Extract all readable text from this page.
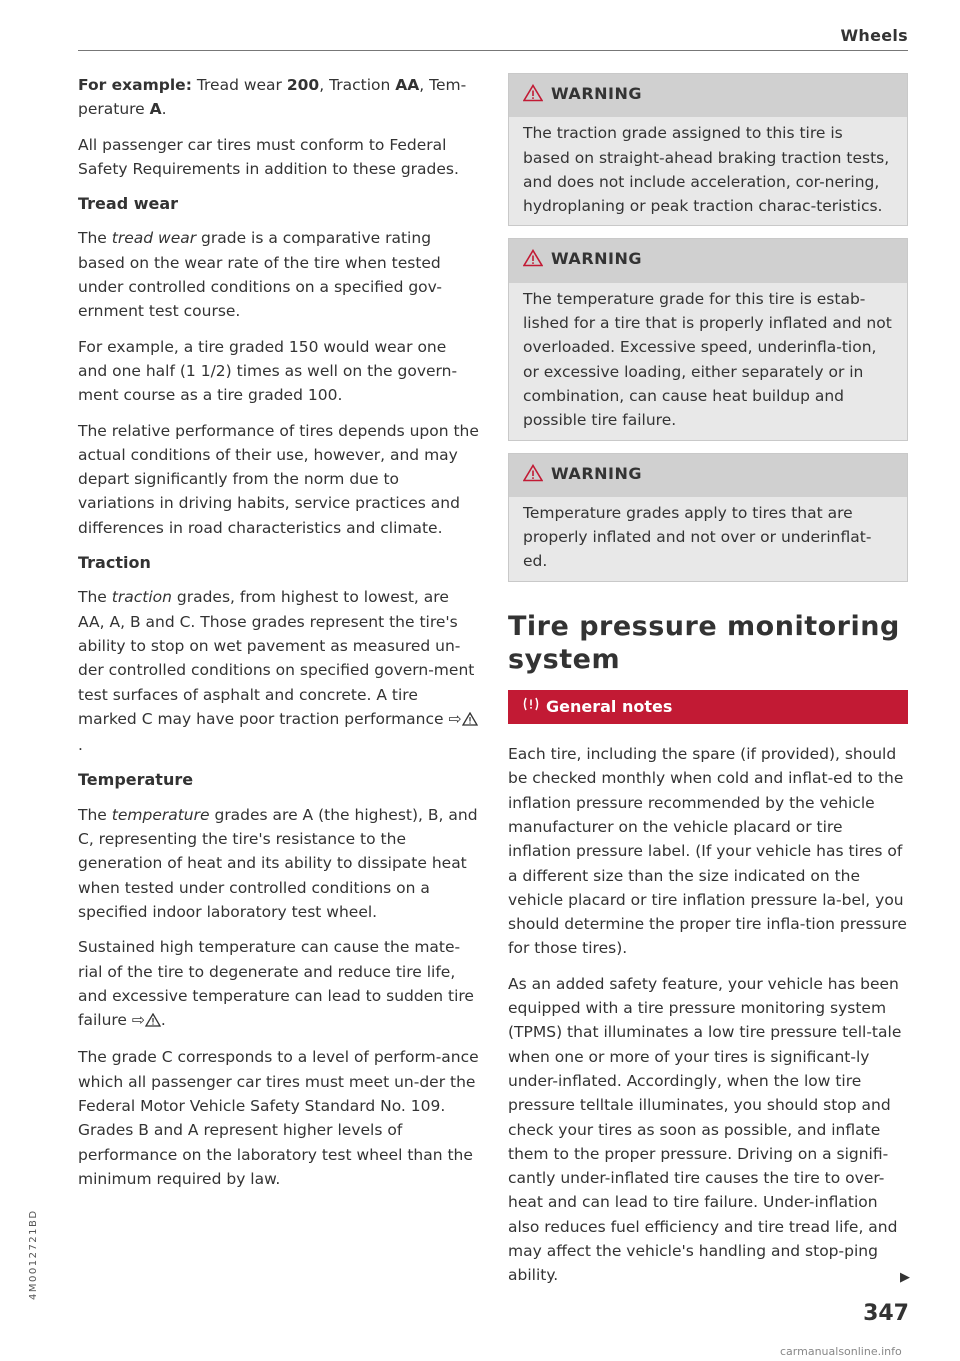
Wheels

For example: Tread wear 200, Traction AA, Tem-perature A.

All passenger car tires must conform to Federal Safety Requirements in addition to these grades.

Tread wear

The tread wear grade is a comparative rating based on the wear rate of the tire when tested under controlled conditions on a specified gov-ernment test course.

For example, a tire graded 150 would wear one and one half (1 1/2) times as well on the govern-ment course as a tire graded 100.

The relative performance of tires depends upon the actual conditions of their use, however, and may depart significantly from the norm due to variations in driving habits, service practices and differences in road characteristics and climate.

Traction

The traction grades, from highest to lowest, are AA, A, B and C. Those grades represent the tire's ability to stop on wet pavement as measured un-der controlled conditions on specified govern-ment test surfaces of asphalt and concrete. A tire marked C may have poor traction performance ⇨.

Temperature

The temperature grades are A (the highest), B, and C, representing the tire's resistance to the generation of heat and its ability to dissipate heat when tested under controlled conditions on a specified indoor laboratory test wheel.

Sustained high temperature can cause the mate-rial of the tire to degenerate and reduce tire life, and excessive temperature can lead to sudden tire failure ⇨ .

The grade C corresponds to a level of perform-ance which all passenger car tires must meet un-der the Federal Motor Vehicle Safety Standard No. 109. Grades B and A represent higher levels of performance on the laboratory test wheel than the minimum required by law.

WARNING
The traction grade assigned to this tire is based on straight-ahead braking traction tests, and does not include acceleration, cor-nering, hydroplaning or peak traction charac-teristics.
WARNING
The temperature grade for this tire is estab-lished for a tire that is properly inflated and not overloaded. Excessive speed, underinfla-tion, or excessive loading, either separately or in combination, can cause heat buildup and possible tire failure.
WARNING
Temperature grades apply to tires that are properly inflated and not over or underinflat-ed.
Tire pressure monitoring system
General notes

Each tire, including the spare (if provided), should be checked monthly when cold and inflat-ed to the inflation pressure recommended by the vehicle manufacturer on the vehicle placard or tire inflation pressure label. (If your vehicle has tires of a different size than the size indicated on the vehicle placard or tire inflation pressure la-bel, you should determine the proper tire infla-tion pressure for those tires).

As an added safety feature, your vehicle has been equipped with a tire pressure monitoring system (TPMS) that illuminates a low tire pressure tell-tale when one or more of your tires is significant-ly under-inflated. Accordingly, when the low tire pressure telltale illuminates, you should stop and check your tires as soon as possible, and inflate them to the proper pressure. Driving on a signifi-cantly under-inflated tire causes the tire to over-heat and can lead to tire failure. Under-inflation also reduces fuel efficiency and tire tread life, and may affect the vehicle's handling and stop-ping ability.	▶
347
4M0012721BD
carmanualsonline.info
